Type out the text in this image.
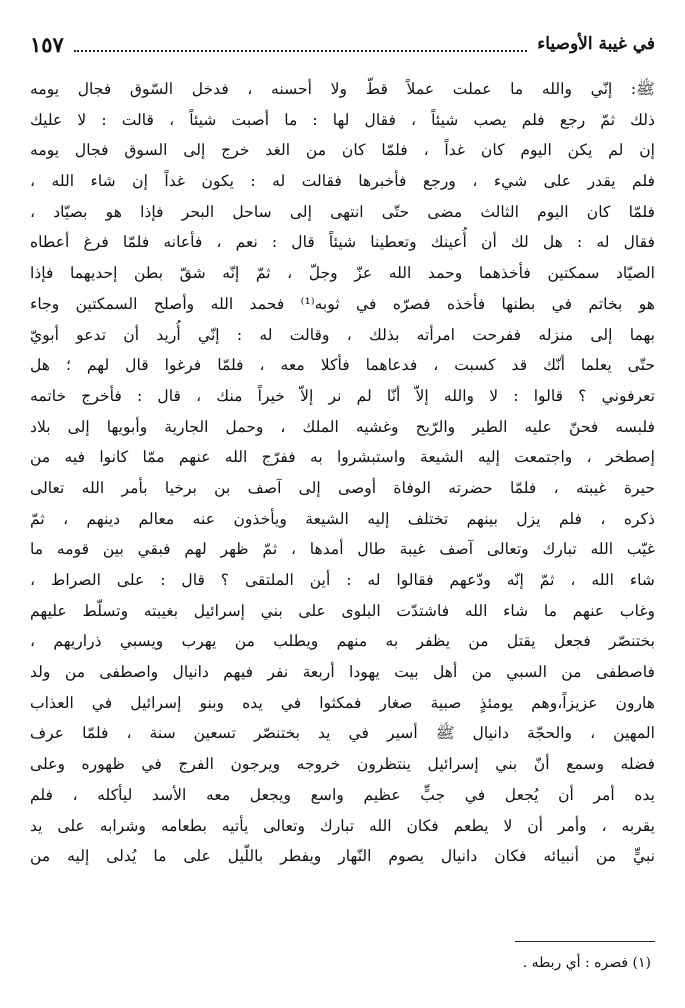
في غيبة الأوصياء
١٥٧
ﷺ: إنّي والله ما عملت عملاً قطّ ولا أحسنه ، فدخل السّوق فجال يومه
ذلك ثمّ رجع فلم يصب شيئاً ، فقال لها : ما أصبت شيئاً ، قالت : لا عليك
إن لم يكن اليوم كان غداً ، فلمّا كان من الغد خرج إلى السوق فجال يومه
فلم يقدر على شيء ، ورجع فأخبرها فقالت له : يكون غداً إن شاء الله ،
فلمّا كان اليوم الثالث مضى حتّى انتهى إلى ساحل البحر فإذا هو بصيّاد ،
فقال له : هل لك أن أُعينك وتعطينا شيئاً قال : نعم ، فأعانه فلمّا فرغ أعطاه
الصيّاد سمكتين فأخذهما وحمد الله عزّ وجلّ ، ثمّ إنّه شقّ بطن إحديهما فإذا
هو بخاتم في بطنها فأخذه فصرّه في ثوبه⁽¹⁾ فحمد الله وأصلح السمكتين وجاء
بهما إلى منزله ففرحت امرأته بذلك ، وقالت له : إنّي أُريد أن تدعو أبويّ
حتّى يعلما أنّك قد كسبت ، فدعاهما فأكلا معه ، فلمّا فرغوا قال لهم ؛ هل
تعرفوني ؟ قالوا : لا والله إلاّ أنّا لم نر إلاّ خيراً منك ، قال : فأخرج خاتمه
فلبسه فحنّ عليه الطير والرّيح وغشيه الملك ، وحمل الجارية وأبويها إلى بلاد
إصطخر ، واجتمعت إليه الشيعة واستبشروا به ففرّج الله عنهم ممّا كانوا فيه من
حيرة غيبته ، فلمّا حضرته الوفاة أوصى إلى آصف بن برخيا بأمر الله تعالى
ذكره ، فلم يزل بينهم تختلف إليه الشيعة ويأخذون عنه معالم دينهم ، ثمّ
غيّب الله تبارك وتعالى آصف غيبة طال أمدها ، ثمّ ظهر لهم فبقي بين قومه ما
شاء الله ، ثمّ إنّه ودّعهم فقالوا له : أين الملتقى ؟ قال : على الصراط ،
وغاب عنهم ما شاء الله فاشتدّت البلوى على بني إسرائيل بغيبته وتسلّط عليهم
بختنصّر فجعل يقتل من يظفر به منهم ويطلب من يهرب ويسبي ذراريهم ،
فاصطفى من السبي من أهل بيت يهودا أربعة نفر فيهم دانيال واصطفى من ولد
هارون عزيزاً،وهم يومئذٍ صبية صغار فمكثوا في يده وبنو إسرائيل في العذاب
المهين ، والحجّة دانيال ﷺ أسير في يد بختنصّر تسعين سنة ، فلمّا عرف
فضله وسمع أنّ بني إسرائيل ينتظرون خروجه ويرجون الفرج في ظهوره وعلى
يده أمر أن يُجعل في جبٍّ عظيم واسع ويجعل معه الأسد ليأكله ، فلم
يقربه ، وأمر أن لا يطعم فكان الله تبارك وتعالى يأتيه بطعامه وشرابه على يد
نبيٍّ من أنبيائه فكان دانيال يصوم النّهار ويفطر باللّيل على ما يُدلى إليه من
(١) فصره : أي ربطه .
